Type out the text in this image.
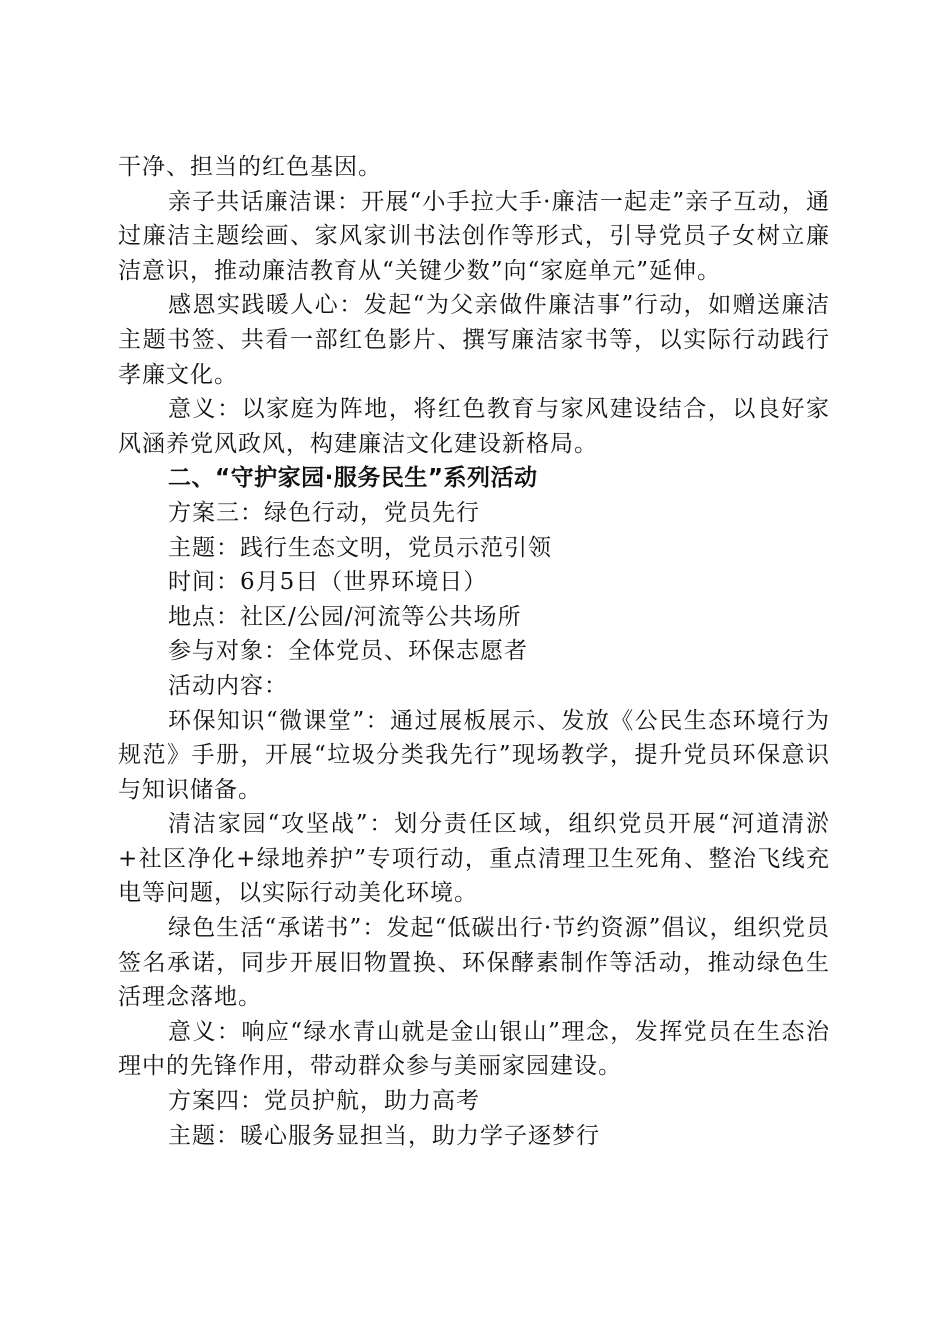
干净、担当的红色基因。

亲子共话廉洁课：开展“小手拉大手·廉洁一起走”亲子互动，通过廉洁主题绘画、家风家训书法创作等形式，引导党员子女树立廉洁意识，推动廉洁教育从“关键少数”向“家庭单元”延伸。

感恩实践暖人心：发起“为父亲做件廉洁事”行动，如赠送廉洁主题书签、共看一部红色影片、撰写廉洁家书等，以实际行动践行孝廉文化。

意义：以家庭为阵地，将红色教育与家风建设结合，以良好家风涵养党风政风，构建廉洁文化建设新格局。

二、“守护家园·服务民生”系列活动

方案三：绿色行动，党员先行

主题：践行生态文明，党员示范引领

时间：6月5日（世界环境日）

地点：社区/公园/河流等公共场所

参与对象：全体党员、环保志愿者

活动内容：

环保知识“微课堂”：通过展板展示、发放《公民生态环境行为规范》手册，开展“垃圾分类我先行”现场教学，提升党员环保意识与知识储备。

清洁家园“攻坚战”：划分责任区域，组织党员开展“河道清淤+社区净化+绿地养护”专项行动，重点清理卫生死角、整治飞线充电等问题，以实际行动美化环境。

绿色生活“承诺书”：发起“低碳出行·节约资源”倡议，组织党员签名承诺，同步开展旧物置换、环保酵素制作等活动，推动绿色生活理念落地。

意义：响应“绿水青山就是金山银山”理念，发挥党员在生态治理中的先锋作用，带动群众参与美丽家园建设。

方案四：党员护航，助力高考

主题：暖心服务显担当，助力学子逐梦行
